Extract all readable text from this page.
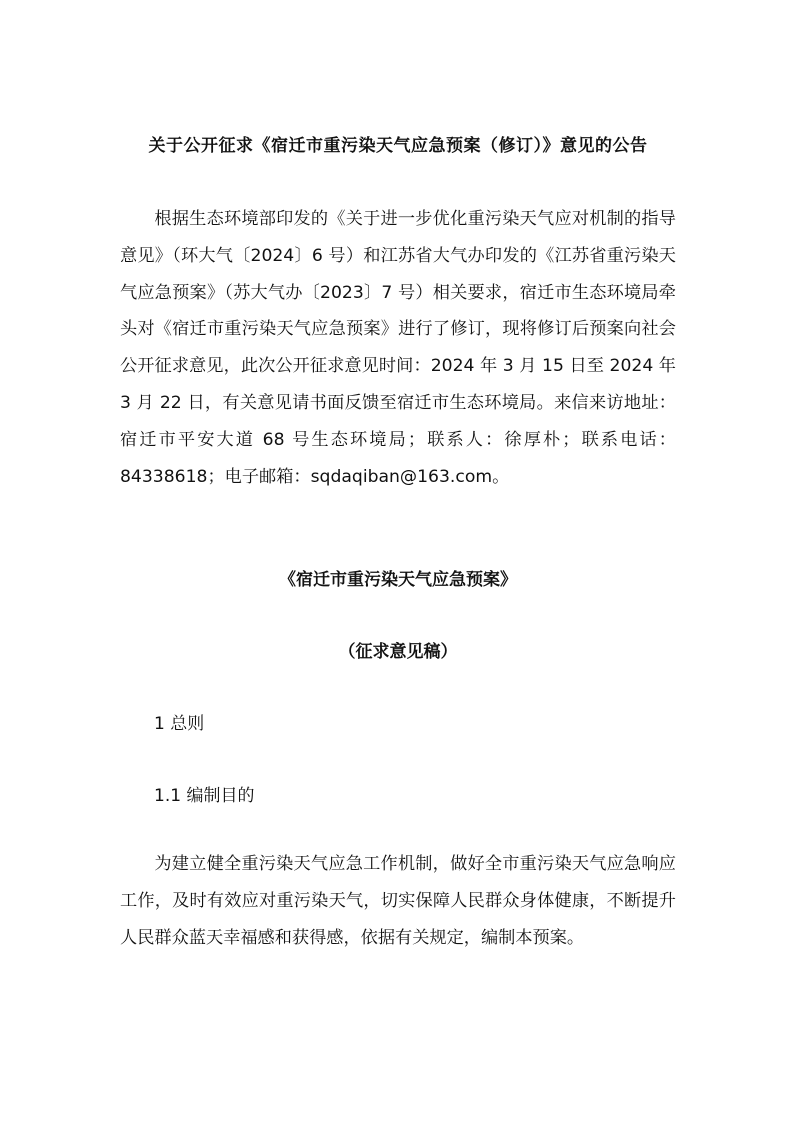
关于公开征求《宿迁市重污染天气应急预案（修订）》意见的公告

根据生态环境部印发的《关于进一步优化重污染天气应对机制的指导意见》（环大气〔2024〕6 号）和江苏省大气办印发的《江苏省重污染天气应急预案》（苏大气办〔2023〕7 号）相关要求，宿迁市生态环境局牵头对《宿迁市重污染天气应急预案》进行了修订，现将修订后预案向社会公开征求意见，此次公开征求意见时间：2024 年 3 月 15 日至 2024 年 3 月 22 日，有关意见请书面反馈至宿迁市生态环境局。来信来访地址：宿迁市平安大道 68 号生态环境局；联系人：徐厚朴；联系电话：84338618；电子邮箱：sqdaqiban@163.com。

《宿迁市重污染天气应急预案》
（征求意见稿）
1 总则
1.1 编制目的

为建立健全重污染天气应急工作机制，做好全市重污染天气应急响应工作，及时有效应对重污染天气，切实保障人民群众身体健康，不断提升人民群众蓝天幸福感和获得感，依据有关规定，编制本预案。
